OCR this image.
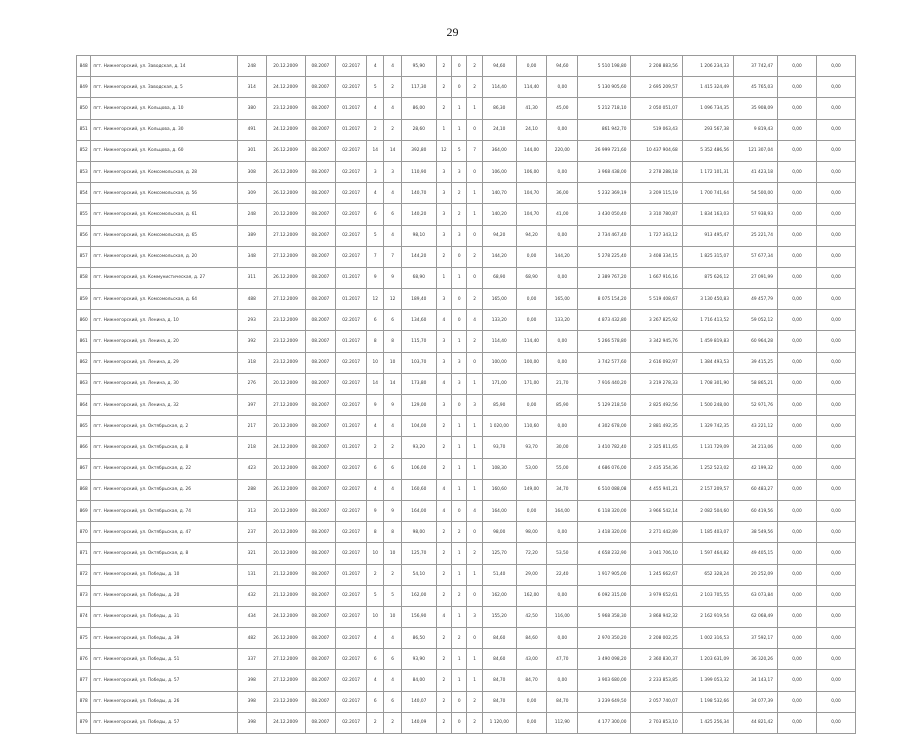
29
848	пгт. Нижнегорский, ул. Заводская, д. 14	248	20.12.2009	08.2007	02.2017	4	4	95,90	2	0	2	94,60	0,00	94,60	5 510 198,80	2 208 883,56	1 206 234,33	37 742,47	0,00	0,00
849	пгт. Нижнегорский, ул. Заводская, д. 5	314	24.12.2009	08.2007	02.2017	5	2	117,30	2	0	2	114,40	114,40	0,00	5 130 905,60	2 695 209,57	1 415 324,49	45 765,03	0,00	0,00
850	пгт. Нижнегорский, ул. Кольцова, д. 10	380	23.12.2009	08.2007	01.2017	4	4	86,00	2	1	1	86,30	41,30	45,00	5 212 718,10	2 050 051,07	1 096 734,35	35 908,09	0,00	0,00
851	пгт. Нижнегорский, ул. Кольцова, д. 30	491	24.12.2009	08.2007	01.2017	2	2	28,60	1	1	0	24,10	24,10	0,00	861 942,70	519 063,43	293 567,38	9 819,43	0,00	0,00
852	пгт. Нижнегорский, ул. Кольцова, д. 60	301	26.12.2009	08.2007	02.2017	14	14	392,80	12	5	7	364,00	144,00	220,00	26 999 721,60	10 437 904,68	5 352 486,56	121 307,04	0,00	0,00
853	пгт. Нижнегорский, ул. Комсомольская, д. 28	308	26.12.2009	08.2007	02.2017	3	3	110,90	3	3	0	106,00	106,00	0,00	3 968 438,00	2 278 288,18	1 172 101,31	41 423,18	0,00	0,00
854	пгт. Нижнегорский, ул. Комсомольская, д. 56	309	26.12.2009	08.2007	02.2017	4	4	140,70	3	2	1	140,70	104,70	36,00	5 232 369,19	3 209 115,19	1 700 741,64	54 500,00	0,00	0,00
855	пгт. Нижнегорский, ул. Комсомольская, д. 61	248	20.12.2009	08.2007	02.2017	6	6	140,20	3	2	1	140,20	104,70	41,00	3 430 050,40	3 310 780,87	1 834 163,03	57 938,93	0,00	0,00
856	пгт. Нижнегорский, ул. Комсомольская, д. 65	389	27.12.2009	08.2007	02.2017	5	4	98,10	3	3	0	94,20	94,20	0,00	2 734 467,40	1 727 343,12	913 495,47	25 221,74	0,00	0,00
857	пгт. Нижнегорский, ул. Комсомольская, д. 20	348	27.12.2009	08.2007	02.2017	7	7	144,20	2	0	2	144,20	0,00	144,20	5 278 225,40	3 408 334,15	1 825 315,07	57 677,34	0,00	0,00
858	пгт. Нижнегорский, ул. Коммунистическая, д. 27	311	26.12.2009	08.2007	01.2017	9	9	68,90	1	1	0	68,90	68,90	0,00	2 389 767,20	1 667 916,16	875 626,12	27 091,99	0,00	0,00
859	пгт. Нижнегорский, ул. Комсомольская, д. 64	488	27.12.2009	08.2007	01.2017	12	12	189,40	3	0	2	165,00	0,00	165,00	8 075 154,20	5 519 408,67	3 130 450,83	49 457,79	0,00	0,00
860	пгт. Нижнегорский, ул. Ленина, д. 10	293	23.12.2009	08.2007	02.2017	6	6	134,60	4	0	4	133,20	0,00	133,20	4 873 432,80	3 267 825,92	1 716 413,52	59 052,12	0,00	0,00
861	пгт. Нижнегорский, ул. Ленина, д. 20	392	23.12.2009	08.2007	01.2017	8	8	115,70	3	1	2	114,40	114,40	0,00	5 266 578,80	3 342 945,76	1 459 819,83	60 964,28	0,00	0,00
862	пгт. Нижнегорский, ул. Ленина, д. 29	318	23.12.2009	08.2007	02.2017	10	10	103,70	3	3	0	100,00	100,00	0,00	3 742 577,60	2 616 092,97	1 384 493,53	39 415,25	0,00	0,00
863	пгт. Нижнегорский, ул. Ленина, д. 30	276	20.12.2009	08.2007	02.2017	14	14	173,80	4	3	1	171,00	171,00	21,70	7 916 440,20	3 219 278,33	1 708 301,90	58 865,21	0,00	0,00
864	пгт. Нижнегорский, ул. Ленина, д. 32	397	27.12.2009	08.2007	02.2017	9	9	129,00	3	0	3	85,90	0,00	85,90	5 129 218,50	2 825 492,56	1 500 248,00	52 971,76	0,00	0,00
865	пгт. Нижнегорский, ул. Октябрьская, д. 2	217	20.12.2009	08.2007	01.2017	4	4	104,00	2	1	1	1 020,00	110,60	0,00	4 302 678,00	2 881 492,35	1 329 742,35	43 221,12	0,00	0,00
866	пгт. Нижнегорский, ул. Октябрьская, д. 8	218	24.12.2009	08.2007	01.2017	2	2	93,20	2	1	1	93,70	93,70	30,00	3 410 782,40	2 325 811,65	1 131 729,09	34 213,06	0,00	0,00
867	пгт. Нижнегорский, ул. Октябрьская, д. 22	423	20.12.2009	08.2007	02.2017	6	6	106,00	2	1	1	108,30	53,00	55,00	4 686 076,00	2 435 354,36	1 252 523,02	42 199,32	0,00	0,00
868	пгт. Нижнегорский, ул. Октябрьская, д. 26	288	26.12.2009	08.2007	02.2017	4	4	160,60	4	1	1	160,60	149,00	34,70	6 510 088,08	4 455 941,21	2 157 209,57	60 483,27	0,00	0,00
869	пгт. Нижнегорский, ул. Октябрьская, д. 74	313	20.12.2009	08.2007	02.2017	9	9	164,00	4	0	4	164,00	0,00	164,00	6 118 320,00	3 966 542,14	2 082 504,60	60 419,56	0,00	0,00
870	пгт. Нижнегорский, ул. Октябрьская, д. 47	237	20.12.2009	08.2007	02.2017	8	8	98,00	2	2	0	98,00	98,00	0,00	3 418 320,00	2 271 442,89	1 185 403,07	38 549,56	0,00	0,00
871	пгт. Нижнегорский, ул. Октябрьская, д. 8	321	20.12.2009	08.2007	02.2017	10	10	125,70	2	1	2	125,70	72,20	53,50	4 658 232,90	3 041 706,10	1 597 464,82	49 405,15	0,00	0,00
872	пгт. Нижнегорский, ул. Победы, д. 10	131	21.12.2009	08.2007	01.2017	2	2	54,10	2	1	1	51,40	29,00	22,40	1 917 905,00	1 245 662,67	652 328,24	20 252,09	0,00	0,00
873	пгт. Нижнегорский, ул. Победы, д. 20	432	21.12.2009	08.2007	02.2017	5	5	162,00	2	2	0	162,00	162,00	0,00	6 092 315,00	3 979 652,61	2 103 705,55	63 073,84	0,00	0,00
874	пгт. Нижнегорский, ул. Победы, д. 31	434	24.12.2009	08.2007	02.2017	10	10	156,90	4	1	3	155,20	42,50	116,00	5 968 358,30	3 868 942,32	2 162 919,54	62 068,49	0,00	0,00
875	пгт. Нижнегорский, ул. Победы, д. 39	482	26.12.2009	08.2007	02.2017	4	4	86,50	2	2	0	84,60	84,60	0,00	2 970 350,20	2 208 002,25	1 002 316,53	37 592,17	0,00	0,00
876	пгт. Нижнегорский, ул. Победы, д. 51	337	27.12.2009	08.2007	02.2017	6	6	93,90	2	1	1	84,60	43,00	47,70	3 490 098,20	2 360 830,37	1 203 631,09	36 320,26	0,00	0,00
877	пгт. Нижнегорский, ул. Победы, д. 57	398	27.12.2009	08.2007	02.2017	4	4	84,00	2	1	1	84,70	84,70	0,00	3 903 680,00	2 233 853,85	1 399 053,32	34 143,17	0,00	0,00
878	пгт. Нижнегорский, ул. Победы, д. 26	398	23.12.2009	08.2007	02.2017	6	6	140,07	2	0	2	84,70	0,00	84,70	3 239 649,50	2 057 740,07	1 198 532,66	34 077,39	0,00	0,00
879	пгт. Нижнегорский, ул. Победы, д. 57	398	24.12.2009	08.2007	02.2017	2	2	140,09	2	0	2	1 120,00	0,00	112,90	4 177 300,00	2 703 853,10	1 425 256,34	44 821,42	0,00	0,00
